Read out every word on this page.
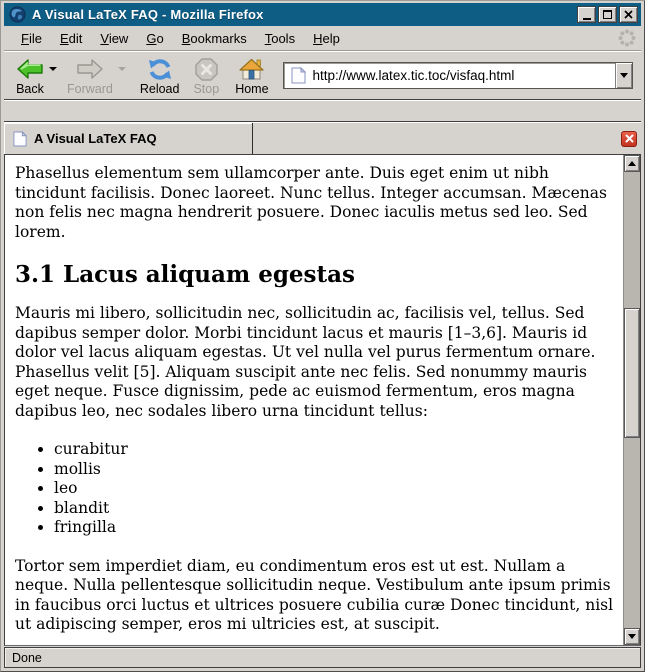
A Visual LaTeX FAQ - Mozilla Firefox
File	Edit	View	Go	Bookmarks	Tools	Help
Back Forward Reload Stop Home
http://www.latex.tic.toc/visfaq.html
A Visual LaTeX FAQ

Phasellus elementum sem ullamcorper ante. Duis eget enim ut nibh tincidunt facilisis. Donec laoreet. Nunc tellus. Integer accumsan. Mæcenas non felis nec magna hendrerit posuere. Donec iaculis metus sed leo. Sed lorem.

3.1 Lacus aliquam egestas

Mauris mi libero, sollicitudin nec, sollicitudin ac, facilisis vel, tellus. Sed dapibus semper dolor. Morbi tincidunt lacus et mauris [1–3,6]. Mauris id dolor vel lacus aliquam egestas. Ut vel nulla vel purus fermentum ornare. Phasellus velit [5]. Aliquam suscipit ante nec felis. Sed nonummy mauris eget neque. Fusce dignissim, pede ac euismod fermentum, eros magna dapibus leo, nec sodales libero urna tincidunt tellus:

• curabitur
• mollis
• leo
• blandit
• fringilla

Tortor sem imperdiet diam, eu condimentum eros est ut est. Nullam a neque. Nulla pellentesque sollicitudin neque. Vestibulum ante ipsum primis in faucibus orci luctus et ultrices posuere cubilia curæ Donec tincidunt, nisl ut adipiscing semper, eros mi ultricies est, at suscipit.

Done
